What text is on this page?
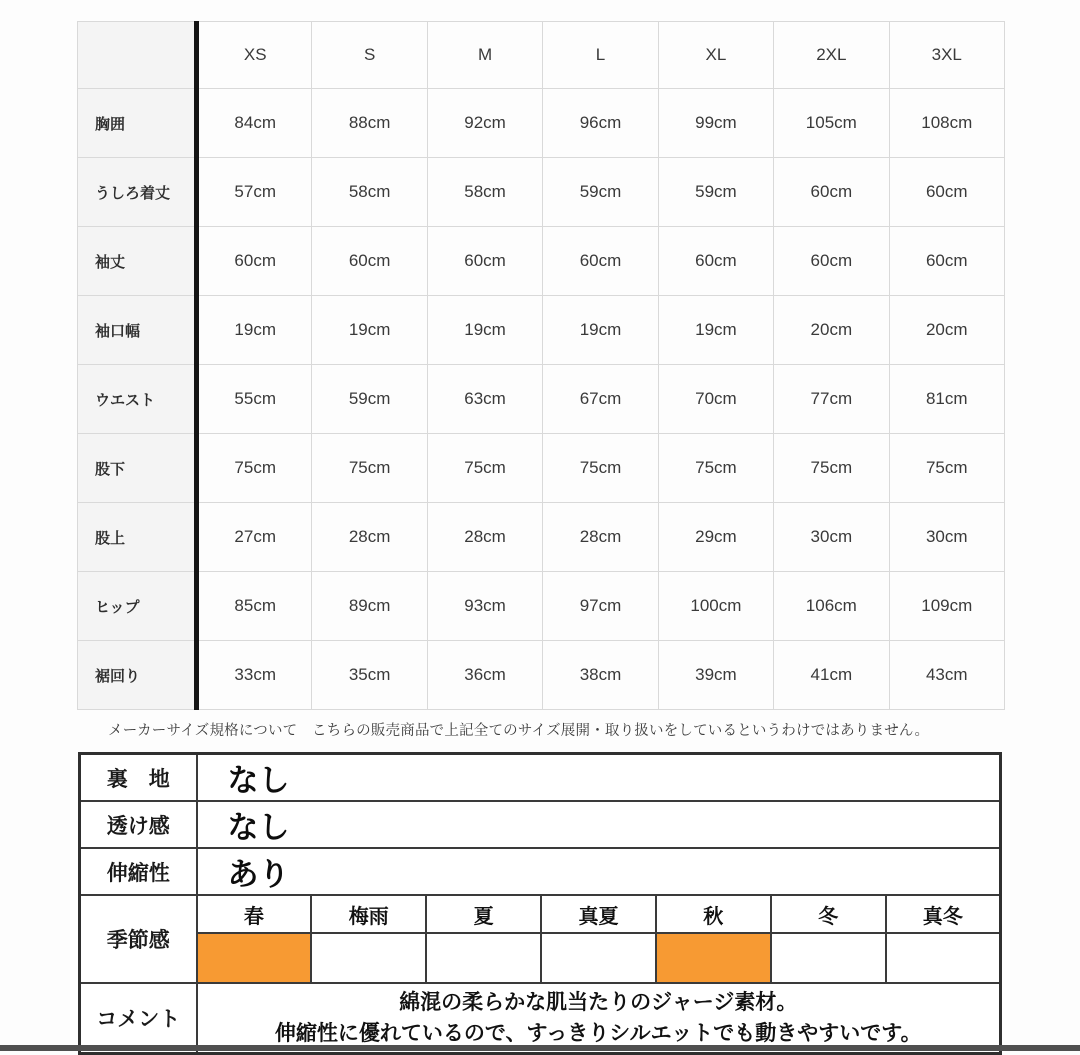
	XS	S	M	L	XL	2XL	3XL
胸囲	84cm	88cm	92cm	96cm	99cm	105cm	108cm
うしろ着丈	57cm	58cm	58cm	59cm	59cm	60cm	60cm
袖丈	60cm	60cm	60cm	60cm	60cm	60cm	60cm
袖口幅	19cm	19cm	19cm	19cm	19cm	20cm	20cm
ウエスト	55cm	59cm	63cm	67cm	70cm	77cm	81cm
股下	75cm	75cm	75cm	75cm	75cm	75cm	75cm
股上	27cm	28cm	28cm	28cm	29cm	30cm	30cm
ヒップ	85cm	89cm	93cm	97cm	100cm	106cm	109cm
裾回り	33cm	35cm	36cm	38cm	39cm	41cm	43cm
メーカーサイズ規格について　こちらの販売商品で上記全てのサイズ展開・取り扱いをしているというわけではありません。
裏　地	なし						
透け感	なし						
伸縮性	あり						
季節感	春	梅雨	夏	真夏	秋	冬	真冬

コメント	綿混の柔らかな肌当たりのジャージ素材。
伸縮性に優れているので、すっきりシルエットでも動きやすいです。						
